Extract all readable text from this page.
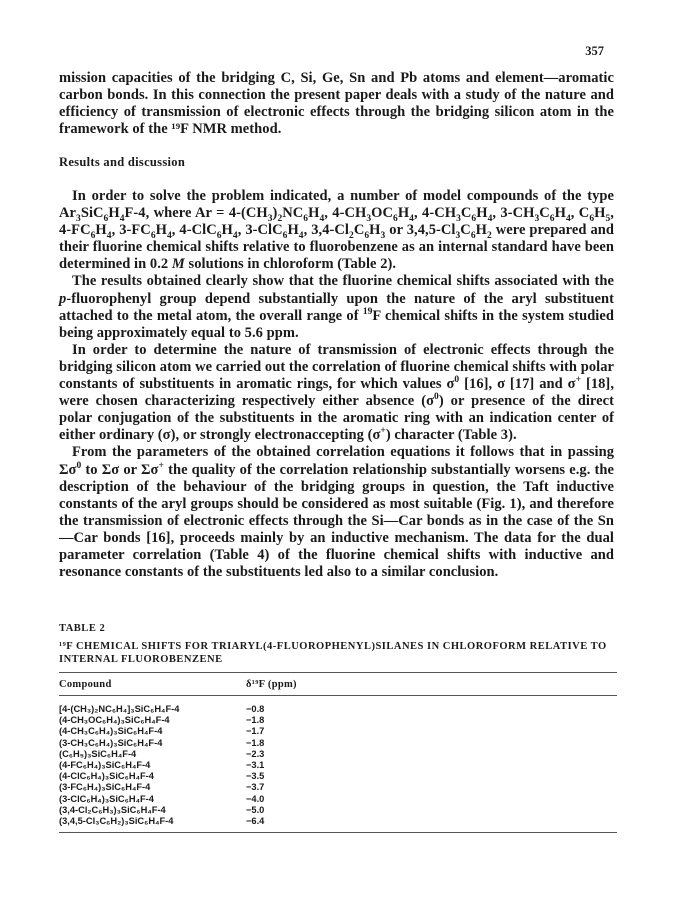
357
mission capacities of the bridging C, Si, Ge, Sn and Pb atoms and element—aromatic carbon bonds. In this connection the present paper deals with a study of the nature and efficiency of transmission of electronic effects through the bridging silicon atom in the framework of the ¹⁹F NMR method.
Results and discussion

In order to solve the problem indicated, a number of model compounds of the type $Ar_3SiC_6H_4F-4$, where $Ar = 4-(CH_3)_2NC_6H_4$, $4-CH_3OC_6H_4$, $4-CH_3C_6H_4$, $3-CH_3C_6H_4$, $C_6H_5$, $4-FC_6H_4$, $3-FC_6H_4$, $4-ClC_6H_4$, $3-ClC_6H_4$, $3,4-Cl_2C_6H_3$ or $3,4,5-Cl_3C_6H_2$ were prepared and their fluorine chemical shifts relative to fluorobenzene as an internal standard have been determined in 0.2 M solutions in chloroform (Table 2).

The results obtained clearly show that the fluorine chemical shifts associated with the p-fluorophenyl group depend substantially upon the nature of the aryl substituent attached to the metal atom, the overall range of $^{19}$F chemical shifts in the system studied being approximately equal to 5.6 ppm.

In order to determine the nature of transmission of electronic effects through the bridging silicon atom we carried out the correlation of fluorine chemical shifts with polar constants of substituents in aromatic rings, for which values $\sigma^0$ [16], σ [17] and σ+ [18], were chosen characterizing respectively either absence $(\sigma^0)$ or presence of the direct polar conjugation of the substituents in the aromatic ring with an indication center of either ordinary (σ), or strongly electronaccepting (σ+) character (Table 3).

From the parameters of the obtained correlation equations it follows that in passing $\Sigma\sigma^0$ to Σσ or Σσ+ the quality of the correlation relationship substantially worsens e.g. the description of the behaviour of the bridging groups in question, the Taft inductive constants of the aryl groups should be considered as most suitable (Fig. 1), and therefore the transmission of electronic effects through the Si—Car bonds as in the case of the Sn—Car bonds [16], proceeds mainly by an inductive mechanism. The data for the dual parameter correlation (Table 4) of the fluorine chemical shifts with inductive and resonance constants of the substituents led also to a similar conclusion.

TABLE 2
¹⁹F CHEMICAL SHIFTS FOR TRIARYL(4-FLUOROPHENYL)SILANES IN CHLOROFORM RELATIVE TO INTERNAL FLUOROBENZENE
Compound	δ¹⁹F (ppm)
[4-(CH₃)₂NC₆H₄]₃SiC₆H₄F-4	−0.8
(4-CH₃OC₆H₄)₃SiC₆H₄F-4	−1.8
(4-CH₃C₆H₄)₃SiC₆H₄F-4	−1.7
(3-CH₃C₆H₄)₃SiC₆H₄F-4	−1.8
(C₆H₅)₃SiC₆H₄F-4	−2.3
(4-FC₆H₄)₃SiC₆H₄F-4	−3.1
(4-ClC₆H₄)₃SiC₆H₄F-4	−3.5
(3-FC₆H₄)₃SiC₆H₄F-4	−3.7
(3-ClC₆H₄)₃SiC₆H₄F-4	−4.0
(3,4-Cl₂C₆H₃)₃SiC₆H₄F-4	−5.0
(3,4,5-Cl₃C₆H₂)₃SiC₆H₄F-4	−6.4
